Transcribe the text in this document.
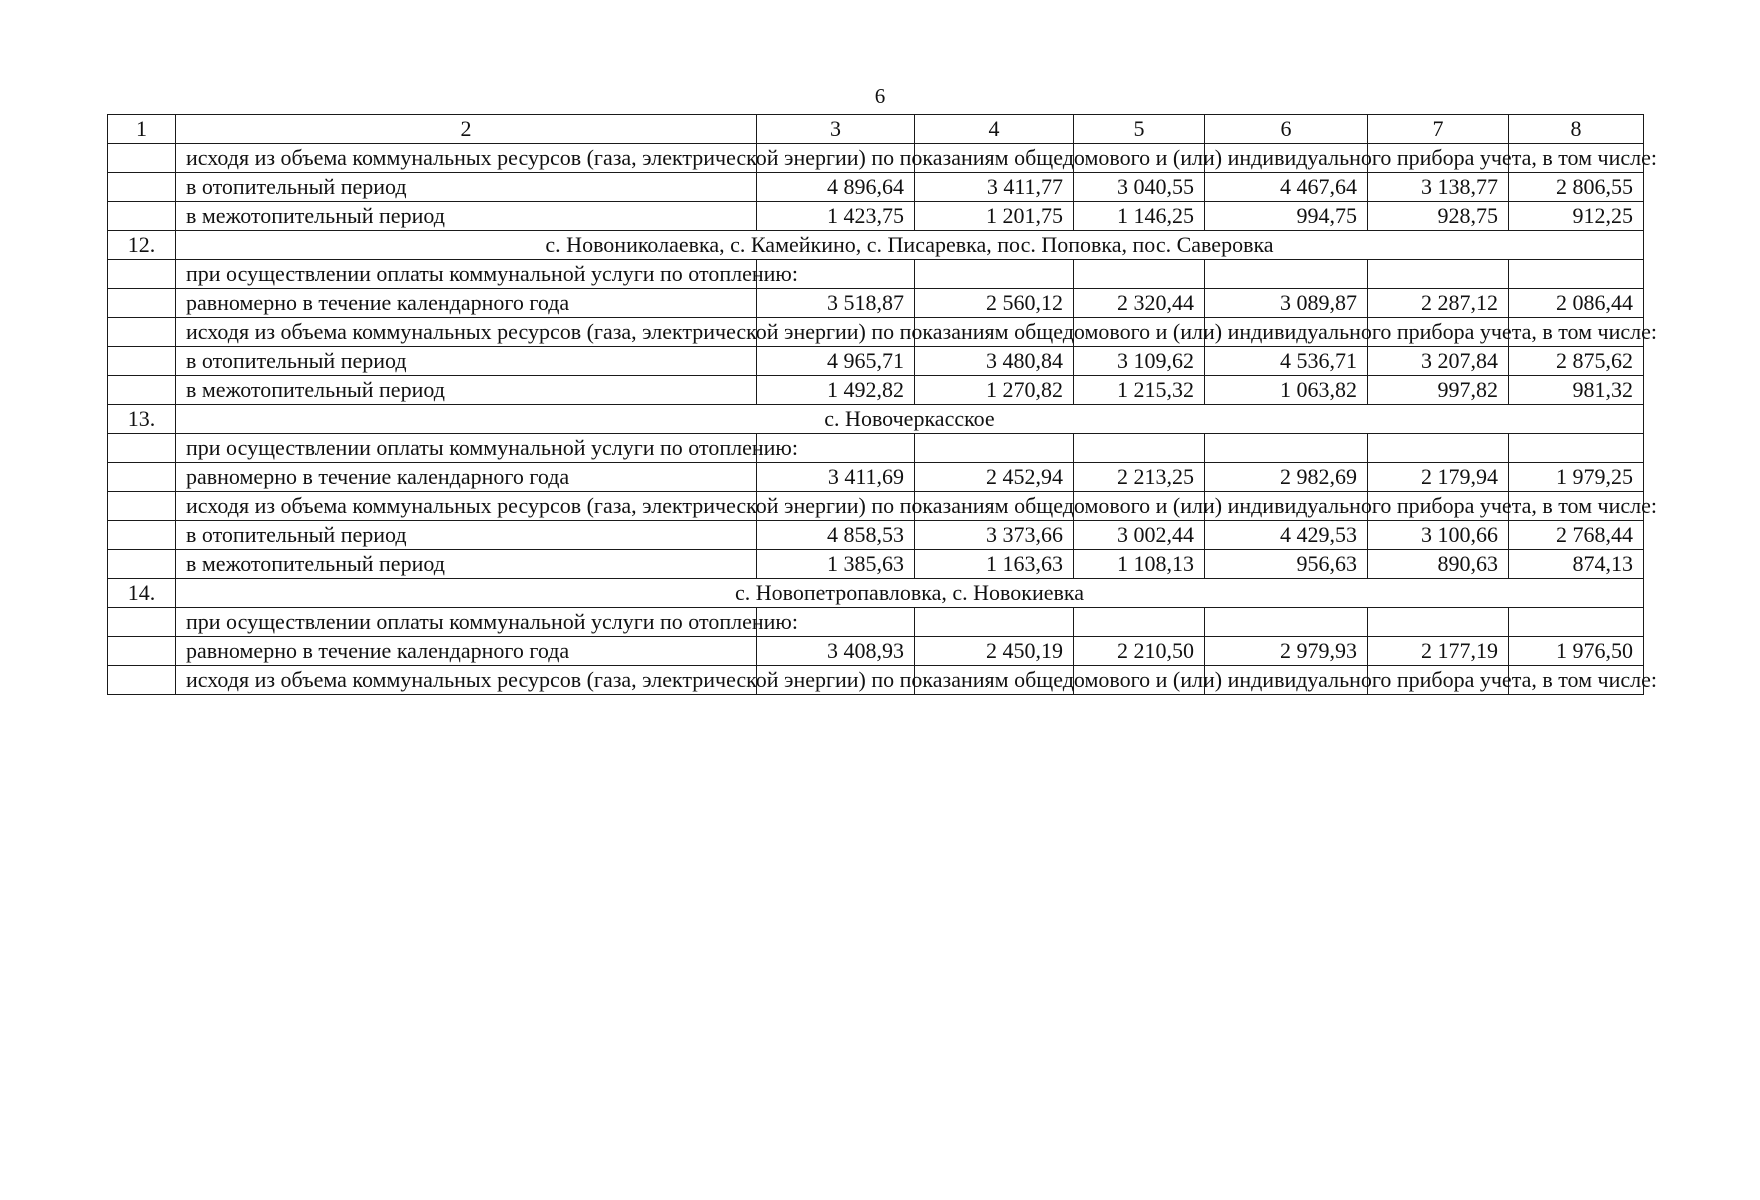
6
1	2	3	4	5	6	7	8
	исходя из объема коммунальных ресурсов (газа, электрической энергии) по показаниям общедомового и (или) индивидуального прибора учета, в том числе:						
	в отопительный период	4 896,64	3 411,77	3 040,55	4 467,64	3 138,77	2 806,55
	в межотопительный период	1 423,75	1 201,75	1 146,25	994,75	928,75	912,25
12.	с. Новониколаевка, с. Камейкино, с. Писаревка, пос. Поповка, пос. Саверовка						
	при осуществлении оплаты коммунальной услуги по отоплению:						
	равномерно в течение календарного года	3 518,87	2 560,12	2 320,44	3 089,87	2 287,12	2 086,44
	исходя из объема коммунальных ресурсов (газа, электрической энергии) по показаниям общедомового и (или) индивидуального прибора учета, в том числе:						
	в отопительный период	4 965,71	3 480,84	3 109,62	4 536,71	3 207,84	2 875,62
	в межотопительный период	1 492,82	1 270,82	1 215,32	1 063,82	997,82	981,32
13.	с. Новочеркасское						
	при осуществлении оплаты коммунальной услуги по отоплению:						
	равномерно в течение календарного года	3 411,69	2 452,94	2 213,25	2 982,69	2 179,94	1 979,25
	исходя из объема коммунальных ресурсов (газа, электрической энергии) по показаниям общедомового и (или) индивидуального прибора учета, в том числе:						
	в отопительный период	4 858,53	3 373,66	3 002,44	4 429,53	3 100,66	2 768,44
	в межотопительный период	1 385,63	1 163,63	1 108,13	956,63	890,63	874,13
14.	с. Новопетропавловка, с. Новокиевка						
	при осуществлении оплаты коммунальной услуги по отоплению:						
	равномерно в течение календарного года	3 408,93	2 450,19	2 210,50	2 979,93	2 177,19	1 976,50
	исходя из объема коммунальных ресурсов (газа, электрической энергии) по показаниям общедомового и (или) индивидуального прибора учета, в том числе:						
